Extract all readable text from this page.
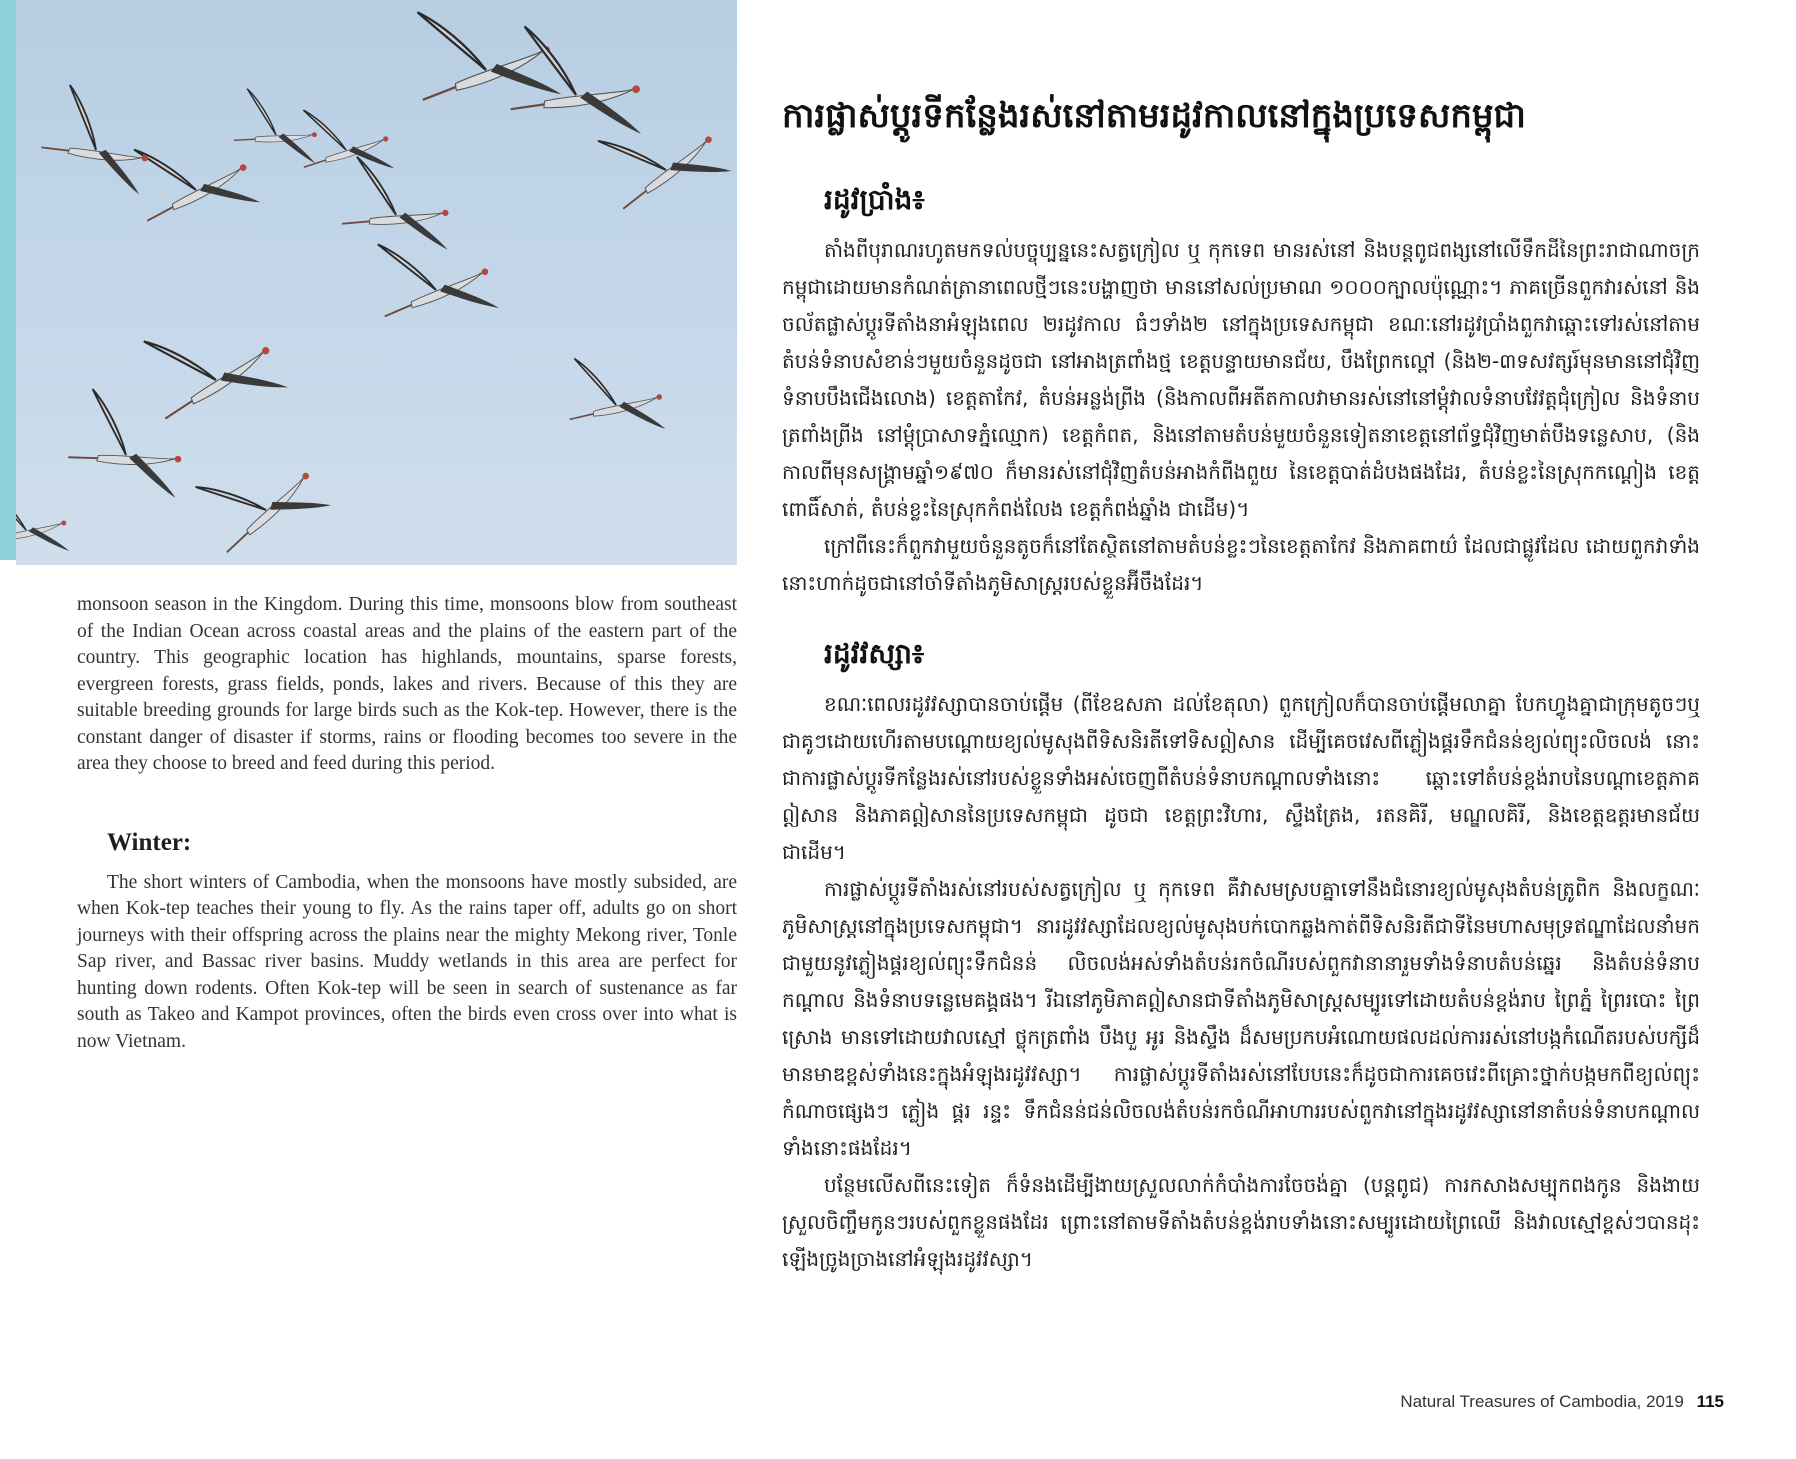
monsoon season in the Kingdom. During this time, monsoons blow from southeast of the Indian Ocean across coastal areas and the plains of the eastern part of the country. This geographic location has highlands, mountains, sparse forests, evergreen forests, grass fields, ponds, lakes and rivers. Because of this they are suitable breeding grounds for large birds such as the Kok-tep. However, there is the constant danger of disaster if storms, rains or flooding becomes too severe in the area they choose to breed and feed during this period.

Winter:

The short winters of Cambodia, when the monsoons have mostly subsided, are when Kok-tep teaches their young to fly. As the rains taper off, adults go on short journeys with their offspring across the plains near the mighty Mekong river, Tonle Sap river, and Bassac river basins. Muddy wetlands in this area are perfect for hunting down rodents. Often Kok-tep will be seen in search of sustenance as far south as Takeo and Kampot provinces, often the birds even cross over into what is now Vietnam.

ការផ្លាស់ប្តូរទីកន្លែងរស់នៅតាមរដូវកាលនៅក្នុងប្រទេសកម្ពុជា
រដូវប្រាំង៖

តាំងពីបុរាណរហូតមកទល់បច្ចុប្បន្ននេះសត្វក្រៀល ឬ កុកទេព មានរស់នៅ និងបន្តពូជពង្សនៅលើទឹកដីនៃព្រះរាជាណាចក្រកម្ពុជាដោយមានកំណត់ត្រានាពេលថ្មីៗនេះបង្ហាញថា មាននៅសល់ប្រមាណ ១០០០ក្បាលប៉ុណ្ណោះ។ ភាគច្រើនពួកវារស់នៅ និងចល័តផ្លាស់ប្តូរទីតាំងនាអំឡុងពេល ២រដូវកាល ធំៗទាំង២ នៅក្នុងប្រទេសកម្ពុជា ខណៈនៅរដូវប្រាំងពួកវាឆ្ពោះទៅរស់នៅតាមតំបន់ទំនាបសំខាន់ៗមួយចំនួនដូចជា នៅអាងត្រពាំងថ្ម ខេត្តបន្ទាយមានជ័យ, បឹងព្រែកល្ពៅ (និង២-៣ទសវត្សរ៍មុនមាននៅជុំវិញទំនាបបឹងជើងលោង) ខេត្តតាកែវ, តំបន់អន្លង់ព្រីង (និងកាលពីអតីតកាលវាមានរស់នៅនៅម្តុំវាលទំនាបវែវត្តជុំក្រៀល និងទំនាបត្រពាំងព្រីង នៅម្តុំប្រាសាទភ្នំឈ្មោក) ខេត្តកំពត, និងនៅតាមតំបន់មួយចំនួនទៀតនាខេត្តនៅព័ទ្ធជុំវិញមាត់បឹងទន្លេសាប, (និងកាលពីមុនសង្គ្រាមឆ្នាំ១៩៧០ ក៏មានរស់នៅជុំវិញតំបន់អាងកំពីងពួយ នៃខេត្តបាត់ដំបងផងដែរ, តំបន់ខ្លះនៃស្រុកកណ្តៀង ខេត្តពោធិ៍សាត់, តំបន់ខ្លះនៃស្រុកកំពង់លែង ខេត្តកំពង់ឆ្នាំង ជាដើម)។

ក្រៅពីនេះក៏ពួកវាមួយចំនួនតូចក៏នៅតែស្ថិតនៅតាមតំបន់ខ្លះៗនៃខេត្តតាកែវ និងភាគពាយ៌ ដែលជាផ្លូវដែល ដោយពួកវាទាំងនោះហាក់ដូចជានៅចាំទីតាំងភូមិសាស្ត្ររបស់ខ្លួនអ៊ីចឹងដែរ។

រដូវវស្សា៖

ខណៈពេលរដូវវស្សាបានចាប់ផ្តើម (ពីខែឧសភា ដល់ខែតុលា) ពួកក្រៀលក៏បានចាប់ផ្តើមលាគ្នា បែកហ្វូងគ្នាជាក្រុមតូចៗឬជាគូៗដោយហើរតាមបណ្តោយខ្យល់មូសុងពីទិសនិរតីទៅទិសឦសាន ដើម្បីគេចវេសពីភ្លៀងផ្គរទឹកជំនន់ខ្យល់ព្យុះលិចលង់ នោះជាការផ្លាស់ប្តូរទីកន្លែងរស់នៅរបស់ខ្លួនទាំងអស់ចេញពីតំបន់ទំនាបកណ្តាលទាំងនោះ ឆ្ពោះទៅតំបន់ខ្ពង់រាបនៃបណ្តាខេត្តភាគឦសាន និងភាគឦសាននៃប្រទេសកម្ពុជា ដូចជា ខេត្តព្រះវិហារ, ស្ទឹងត្រែង, រតនគិរី, មណ្ឌលគិរី, និងខេត្តឧត្តរមានជ័យ ជាដើម។

ការផ្លាស់ប្តូរទីតាំងរស់នៅរបស់សត្វក្រៀល ឬ កុកទេព គឺវាសមស្របគ្នាទៅនឹងជំនោរខ្យល់មូសុងតំបន់ត្រូពិក និងលក្ខណៈភូមិសាស្ត្រនៅក្នុងប្រទេសកម្ពុជា។ នារដូវវស្សាដែលខ្យល់មូសុងបក់បោកឆ្លងកាត់ពីទិសនិរតីជាទីនៃមហាសមុទ្រឥណ្ឌាដែលនាំមកជាមួយនូវភ្លៀងផ្គរខ្យល់ព្យុះទឹកជំនន់ លិចលង់អស់ទាំងតំបន់រកចំណីរបស់ពួកវានានារួមទាំងទំនាបតំបន់ឆ្នេរ និងតំបន់ទំនាបកណ្តាល និងទំនាបទន្លេមេគង្គផង។ រីឯនៅភូមិភាគឦសានជាទីតាំងភូមិសាស្ត្រសម្បូរទៅដោយតំបន់ខ្ពង់រាប ព្រៃភ្នំ ព្រៃរបោះ ព្រៃស្រោង មានទៅដោយវាលស្មៅ ថ្លុកត្រពាំង បឹងបួ អូរ និងស្ទឹង ដ៏សមប្រកបអំណោយផលដល់ការរស់នៅបង្កកំណើតរបស់បក្សីដ៏មានមាឌខ្ពស់ទាំងនេះក្នុងអំឡុងរដូវវស្សា។ ការផ្លាស់ប្តូរទីតាំងរស់នៅបែបនេះក៏ដូចជាការគេចវេះពីគ្រោះថ្នាក់បង្កមកពីខ្យល់ព្យុះកំណាចផ្សេងៗ ភ្លៀង ផ្គរ រន្ទះ ទឹកជំនន់ជន់លិចលង់តំបន់រកចំណីអាហាររបស់ពួកវានៅក្នុងរដូវវស្សានៅនាតំបន់ទំនាបកណ្តាលទាំងនោះផងដែរ។

បន្ថែមលើសពីនេះទៀត ក៏ទំនងដើម្បីងាយស្រួលលាក់កំបាំងការចែចង់គ្នា (បន្តពូជ) ការកសាងសម្បុកពងកូន និងងាយស្រួលចិញ្ចឹមកូនៗរបស់ពួកខ្លួនផងដែរ ព្រោះនៅតាមទីតាំងតំបន់ខ្ពង់រាបទាំងនោះសម្បូរដោយព្រៃឈើ និងវាលស្មៅខ្ពស់ៗបានដុះឡើងច្រូងច្រាងនៅអំឡុងរដូវវស្សា។

Natural Treasures of Cambodia, 2019 115
